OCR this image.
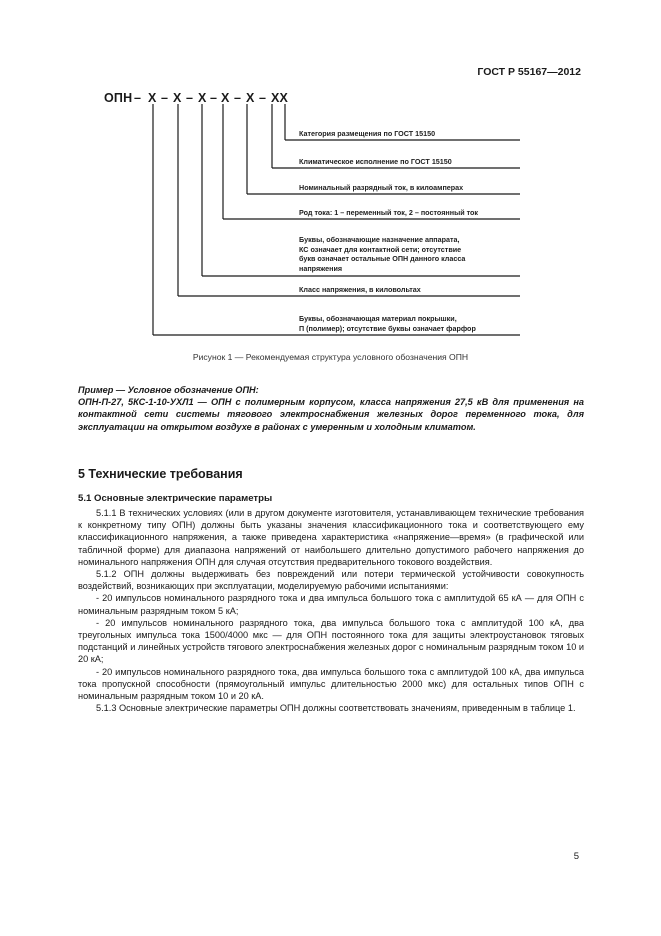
ГОСТ Р 55167—2012
ОПН – Х – Х – Х – Х – Х – ХХ
Категория размещения по ГОСТ 15150
Климатическое исполнение по ГОСТ 15150
Номинальный разрядный ток, в килоамперах
Род тока: 1 – переменный ток, 2 – постоянный ток
Буквы, обозначающие назначение аппарата,
КС означает для контактной сети; отсутствие
букв означает остальные ОПН данного класса
напряжения
Класс напряжения, в киловольтах
Буквы, обозначающая материал покрышки,
П (полимер); отсутствие буквы означает фарфор
Рисунок 1 — Рекомендуемая структура условного обозначения ОПН

Пример — Условное обозначение ОПН:

ОПН-П-27, 5КС-1-10-УХЛ1 — ОПН с полимерным корпусом, класса напряжения 27,5 кВ для применения на контактной сети системы тягового электроснабжения железных дорог переменного тока, для эксплуатации на открытом воздухе в районах с умеренным и холодным климатом.

5 Технические требования
5.1 Основные электрические параметры

5.1.1 В технических условиях (или в другом документе изготовителя, устанавливающем технические требования к конкретному типу ОПН) должны быть указаны значения классификационного тока и соответствующего ему классификационного напряжения, а также приведена характеристика «напряжение—время» (в графической или табличной форме) для диапазона напряжений от наибольшего длительно допустимого рабочего напряжения до номинального напряжения ОПН для случая отсутствия предварительного токового воздействия.

5.1.2 ОПН должны выдерживать без повреждений или потери термической устойчивости совокупность воздействий, возникающих при эксплуатации, моделируемую рабочими испытаниями:

- 20 импульсов номинального разрядного тока и два импульса большого тока с амплитудой 65 кА — для ОПН с номинальным разрядным током 5 кА;

- 20 импульсов номинального разрядного тока, два импульса большого тока с амплитудой 100 кА, два треугольных импульса тока 1500/4000 мкс — для ОПН постоянного тока для защиты электроустановок тяговых подстанций и линейных устройств тягового электроснабжения железных дорог с номинальным разрядным током 10 и 20 кА;

- 20 импульсов номинального разрядного тока, два импульса большого тока с амплитудой 100 кА, два импульса тока пропускной способности (прямоугольный импульс длительностью 2000 мкс) для остальных типов ОПН с номинальным разрядным током 10 и 20 кА.

5.1.3 Основные электрические параметры ОПН должны соответствовать значениям, приведенным в таблице 1.

5
